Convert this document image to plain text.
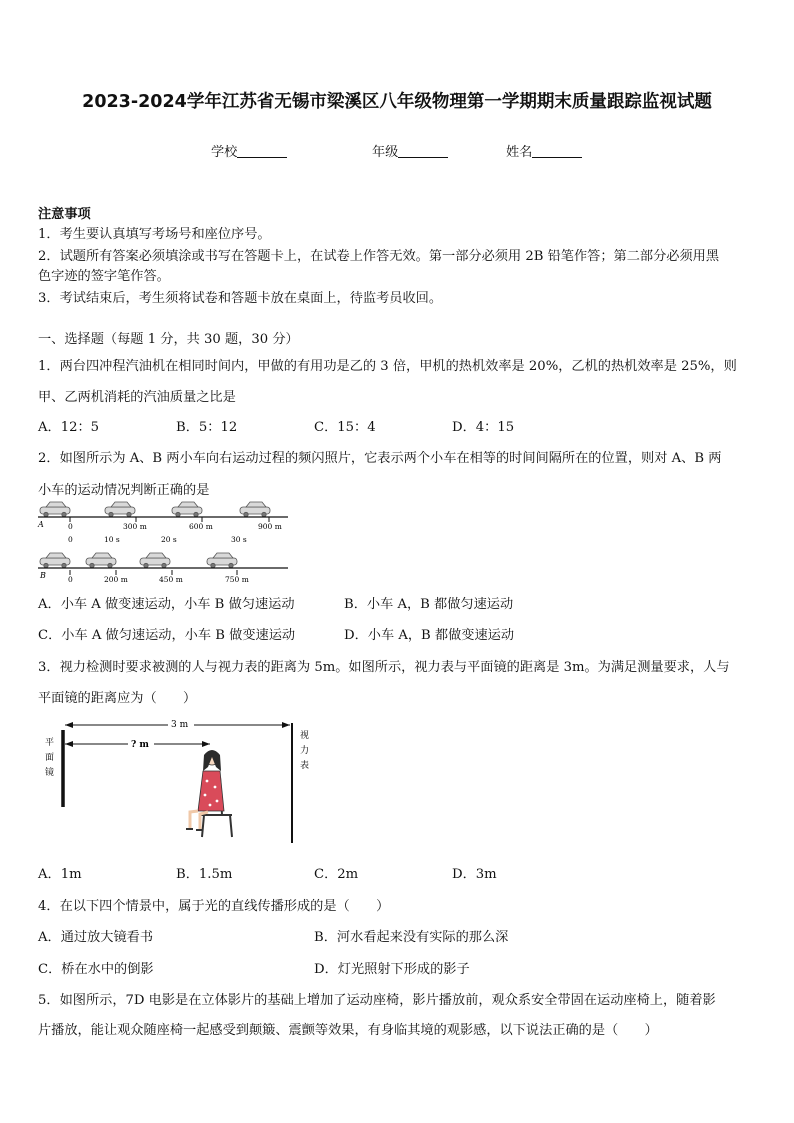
2023-2024学年江苏省无锡市梁溪区八年级物理第一学期期末质量跟踪监视试题
学校	年级	姓名
注意事项
1．考生要认真填写考场号和座位序号。
2．试题所有答案必须填涂或书写在答题卡上，在试卷上作答无效。第一部分必须用 2B 铅笔作答；第二部分必须用黑
色字迹的签字笔作答。
3．考试结束后，考生须将试卷和答题卡放在桌面上，待监考员收回。
一、选择题（每题 1 分，共 30 题，30 分）
1．两台四冲程汽油机在相同时间内，甲做的有用功是乙的 3 倍，甲机的热机效率是 20%，乙机的热机效率是 25%，则
甲、乙两机消耗的汽油质量之比是
A．12：5	B．5：12	C．15：4	D．4：15
2．如图所示为 A、B 两小车向右运动过程的频闪照片，它表示两个小车在相等的时间间隔所在的位置，则对 A、B 两
小车的运动情况判断正确的是
A	0	300 m	600 m	900 m
0	10 s	20 s	30 s
B	0	200 m	450 m	750 m
A．小车 A 做变速运动，小车 B 做匀速运动	B．小车 A，B 都做匀速运动
C．小车 A 做匀速运动，小车 B 做变速运动	D．小车 A，B 都做变速运动
3．视力检测时要求被测的人与视力表的距离为 5m。如图所示，视力表与平面镜的距离是 3m。为满足测量要求，人与
平面镜的距离应为（　　）
3 m
? m
平
面
镜
视
力
表
A．1m	B．1.5m	C．2m	D．3m
4．在以下四个情景中，属于光的直线传播形成的是（　　）
A．通过放大镜看书	B．河水看起来没有实际的那么深
C．桥在水中的倒影	D．灯光照射下形成的影子
5．如图所示，7D 电影是在立体影片的基础上增加了运动座椅，影片播放前，观众系安全带固在运动座椅上，随着影
片播放，能让观众随座椅一起感受到颠簸、震颤等效果，有身临其境的观影感，以下说法正确的是（　　）
